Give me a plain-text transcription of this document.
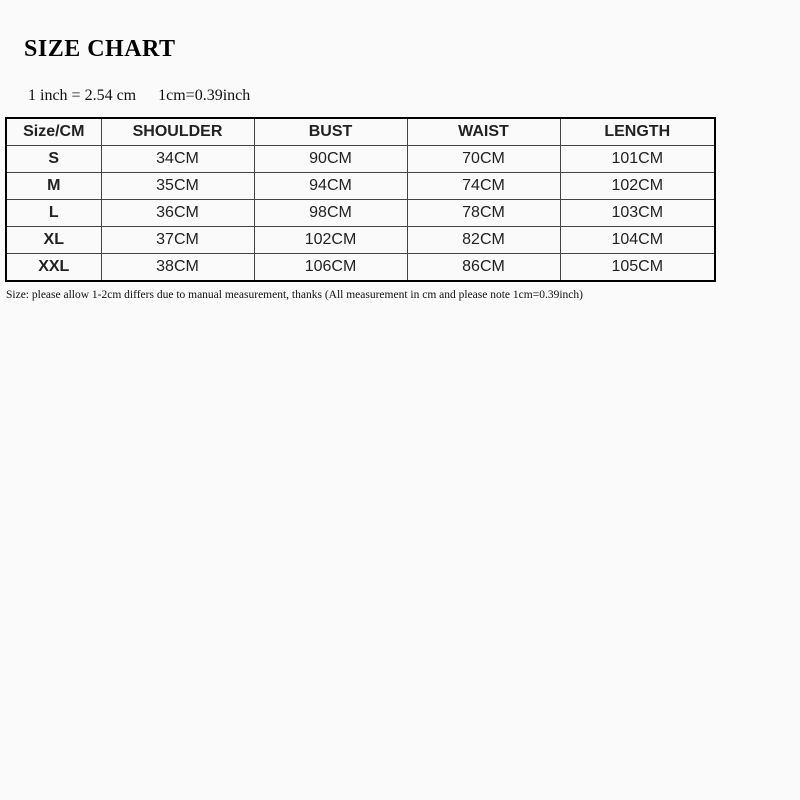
SIZE CHART
1 inch = 2.54 cm 1cm=0.39inch
Size/CM	SHOULDER	BUST	WAIST	LENGTH
S	34CM	90CM	70CM	101CM
M	35CM	94CM	74CM	102CM
L	36CM	98CM	78CM	103CM
XL	37CM	102CM	82CM	104CM
XXL	38CM	106CM	86CM	105CM
Size: please allow 1-2cm differs due to manual measurement, thanks (All measurement in cm and please note 1cm=0.39inch)
